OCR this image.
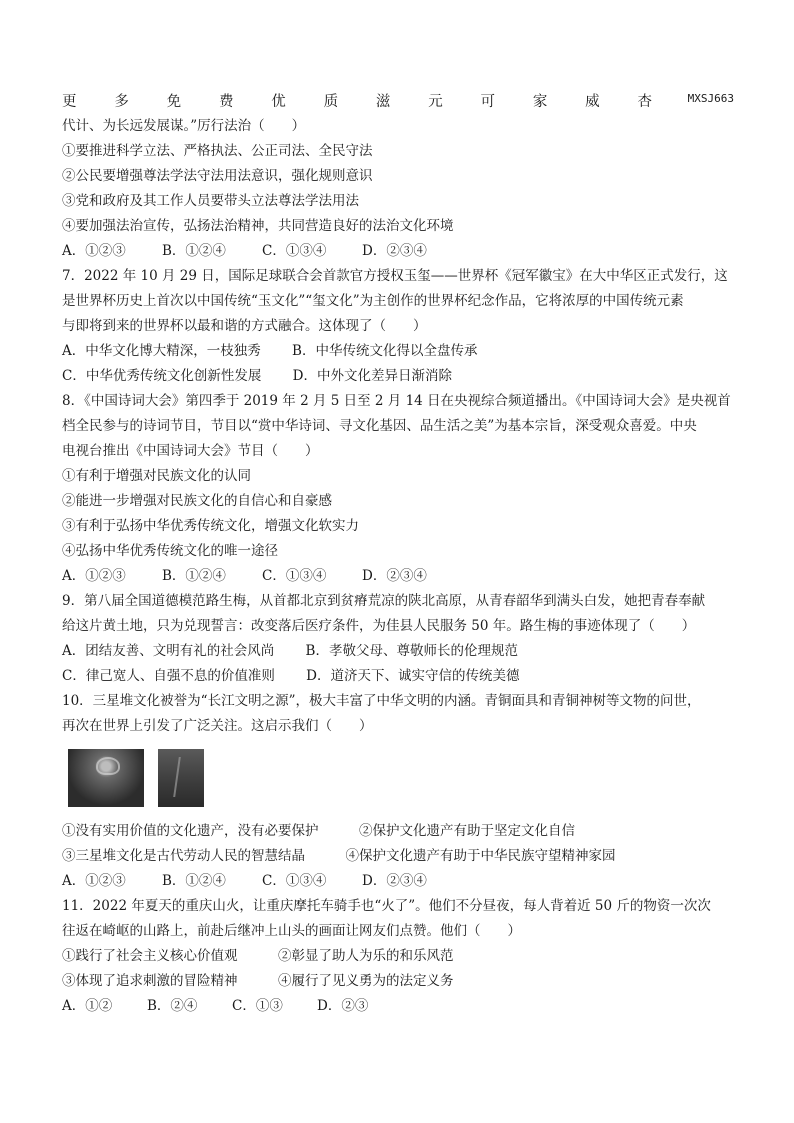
更	多	免	费	优	质	滋	元	可	家	威	杏	MXSJ663
代计、为长远发展谋。”厉行法治（　　）
①要推进科学立法、严格执法、公正司法、全民守法
②公民要增强尊法学法守法用法意识，强化规则意识
③党和政府及其工作人员要带头立法尊法学法用法
④要加强法治宣传，弘扬法治精神，共同营造良好的法治文化环境
A．①②③	B．①②④	C．①③④	D．②③④
7．2022 年 10 月 29 日，国际足球联合会首款官方授权玉玺——世界杯《冠军徽宝》在大中华区正式发行，这
是世界杯历史上首次以中国传统“玉文化”“玺文化”为主创作的世界杯纪念作品，它将浓厚的中国传统元素
与即将到来的世界杯以最和谐的方式融合。这体现了（　　）
A．中华文化博大精深，一枝独秀　　 B．中华传统文化得以全盘传承
C．中华优秀传统文化创新性发展　　 D．中外文化差异日渐消除
8．《中国诗词大会》第四季于 2019 年 2 月 5 日至 2 月 14 日在央视综合频道播出。《中国诗词大会》是央视首
档全民参与的诗词节目，节目以“赏中华诗词、寻文化基因、品生活之美”为基本宗旨，深受观众喜爱。中央
电视台推出《中国诗词大会》节目（　　）
①有利于增强对民族文化的认同
②能进一步增强对民族文化的自信心和自豪感
③有利于弘扬中华优秀传统文化，增强文化软实力
④弘扬中华优秀传统文化的唯一途径
A．①②③	B．①②④	C．①③④	D．②③④
9．第八届全国道德模范路生梅，从首都北京到贫瘠荒凉的陕北高原，从青春韶华到满头白发，她把青春奉献
给这片黄土地，只为兑现誓言：改变落后医疗条件，为佳县人民服务 50 年。路生梅的事迹体现了（　　）
A．团结友善、文明有礼的社会风尚　　 B．孝敬父母、尊敬师长的伦理规范
C．律己宽人、自强不息的价值准则　　 D．道济天下、诚实守信的传统美德
10．三星堆文化被誉为“长江文明之源”，极大丰富了中华文明的内涵。青铜面具和青铜神树等文物的问世，
再次在世界上引发了广泛关注。这启示我们（　　）
①没有实用价值的文化遗产，没有必要保护　　　②保护文化遗产有助于坚定文化自信
③三星堆文化是古代劳动人民的智慧结晶　　　④保护文化遗产有助于中华民族守望精神家园
A．①②③	B．①②④	C．①③④	D．②③④
11．2022 年夏天的重庆山火，让重庆摩托车骑手也“火了”。他们不分昼夜，每人背着近 50 斤的物资一次次
往返在崎岖的山路上，前赴后继冲上山头的画面让网友们点赞。他们（　　）
①践行了社会主义核心价值观　　　②彰显了助人为乐的和乐风范
③体现了追求刺激的冒险精神　　　④履行了见义勇为的法定义务
A．①②	B．②④	C．①③	D．②③
